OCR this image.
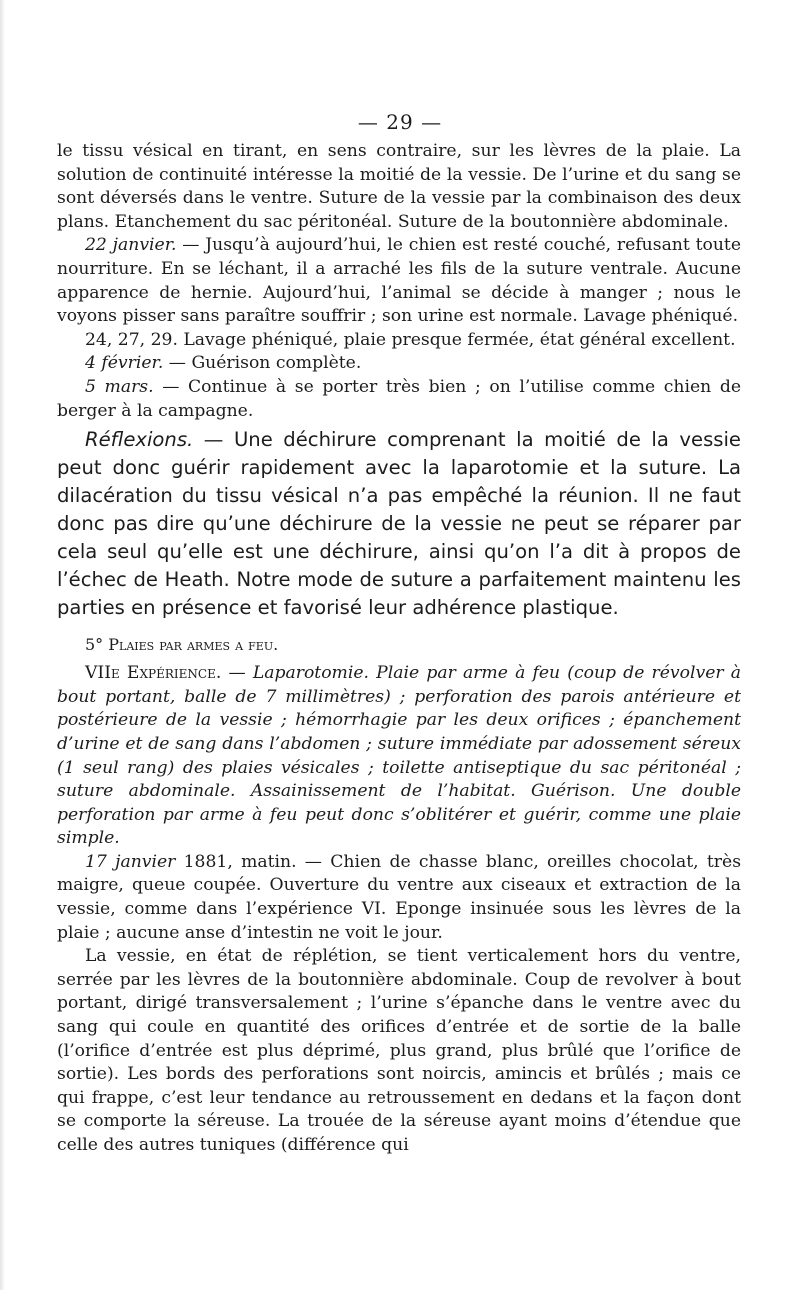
— 29 —

le tissu vésical en tirant, en sens contraire, sur les lèvres de la plaie. La solution de continuité intéresse la moitié de la vessie. De l’urine et du sang se sont déversés dans le ventre. Suture de la vessie par la combinaison des deux plans. Etanchement du sac péritonéal. Suture de la boutonnière abdominale.

22 janvier. — Jusqu’à aujourd’hui, le chien est resté couché, refusant toute nourriture. En se léchant, il a arraché les fils de la suture ventrale. Aucune apparence de hernie. Aujourd’hui, l’animal se décide à manger ; nous le voyons pisser sans paraître souffrir ; son urine est normale. Lavage phéniqué.

24, 27, 29. Lavage phéniqué, plaie presque fermée, état général excellent.

4 février. — Guérison complète.

5 mars. — Continue à se porter très bien ; on l’utilise comme chien de berger à la campagne.

Réflexions. — Une déchirure comprenant la moitié de la vessie peut donc guérir rapidement avec la laparotomie et la suture. La dilacération du tissu vésical n’a pas empêché la réunion. Il ne faut donc pas dire qu’une déchirure de la vessie ne peut se réparer par cela seul qu’elle est une déchirure, ainsi qu’on l’a dit à propos de l’échec de Heath. Notre mode de suture a parfaitement maintenu les parties en présence et favorisé leur adhérence plastique.

5° Plaies par armes a feu.

VIIe Expérience. — Laparotomie. Plaie par arme à feu (coup de révolver à bout portant, balle de 7 millimètres) ; perforation des parois antérieure et postérieure de la vessie ; hémorrhagie par les deux orifices ; épanchement d’urine et de sang dans l’abdomen ; suture immédiate par adossement séreux (1 seul rang) des plaies vésicales ; toilette antiseptique du sac péritonéal ; suture abdominale. Assainissement de l’habitat. Guérison. Une double perforation par arme à feu peut donc s’oblitérer et guérir, comme une plaie simple.

17 janvier 1881, matin. — Chien de chasse blanc, oreilles chocolat, très maigre, queue coupée. Ouverture du ventre aux ciseaux et extraction de la vessie, comme dans l’expérience VI. Eponge insinuée sous les lèvres de la plaie ; aucune anse d’intestin ne voit le jour.

La vessie, en état de réplétion, se tient verticalement hors du ventre, serrée par les lèvres de la boutonnière abdominale. Coup de revolver à bout portant, dirigé transversalement ; l’urine s’épanche dans le ventre avec du sang qui coule en quantité des orifices d’entrée et de sortie de la balle (l’orifice d’entrée est plus déprimé, plus grand, plus brûlé que l’orifice de sortie). Les bords des perforations sont noircis, amincis et brûlés ; mais ce qui frappe, c’est leur tendance au retroussement en dedans et la façon dont se comporte la séreuse. La trouée de la séreuse ayant moins d’étendue que celle des autres tuniques (différence qui
